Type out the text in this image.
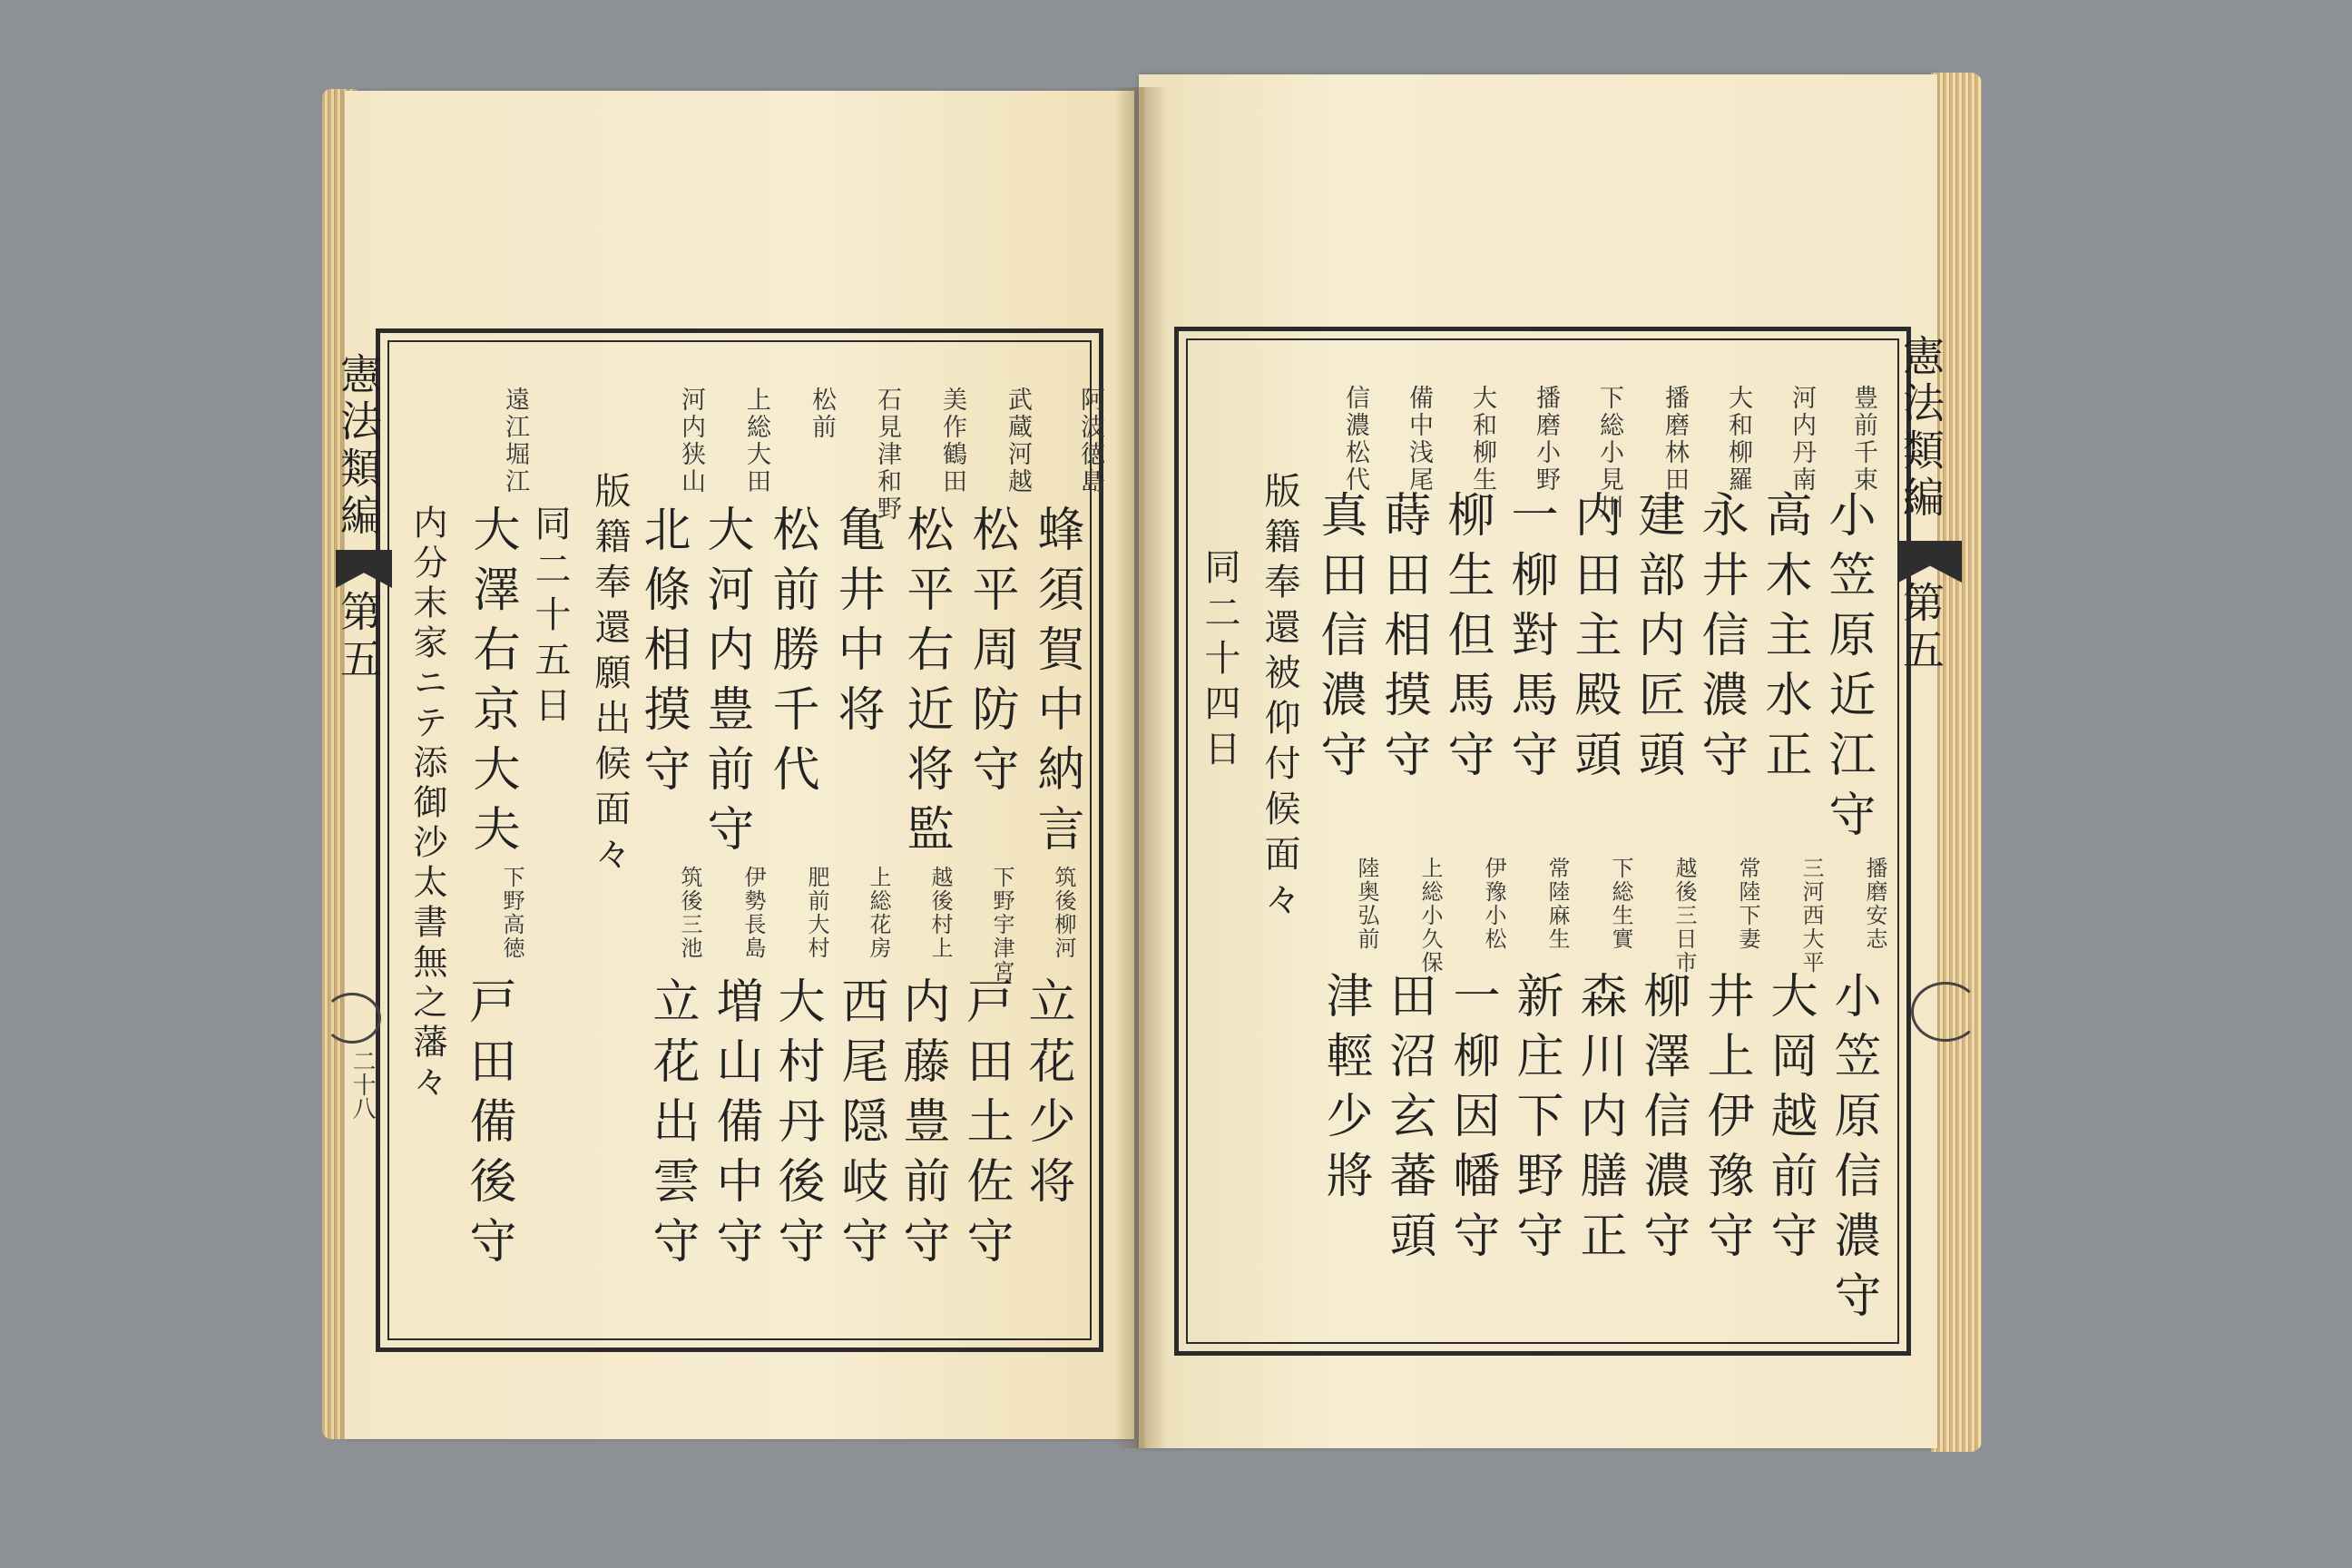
憲法類編
第五
二十八
阿波徳島
蜂須賀中納言
武蔵河越
松平周防守
美作鶴田
松平右近将監
石見津和野
亀井中将
松前
松前勝千代
上総大田
大河内豊前守
河内狭山
北條相摸守
版籍奉還願出候面々
同二十五日
遠江堀江
大澤右京大夫
内分末家ニテ添御沙太書無之藩々	筑後柳河
立花少将
下野宇津宮
戸田土佐守
越後村上
内藤豊前守
上総花房
西尾隠岐守
肥前大村
大村丹後守
伊勢長島
増山備中守
筑後三池
立花出雲守
下野高徳
戸田備後守
憲法類編
第五
豊前千束
小笠原近江守
河内丹南
高木主水正
大和柳羅
永井信濃守
播磨林田
建部内匠頭
下総小見川
内田主殿頭
播磨小野
一柳對馬守
大和柳生
柳生但馬守
備中浅尾
蒔田相摸守
信濃松代
真田信濃守
版籍奉還被仰付候面々
同二十四日
播磨安志
小笠原信濃守
三河西大平
大岡越前守
常陸下妻
井上伊豫守
越後三日市
柳澤信濃守
下総生實
森川内膳正
常陸麻生
新庄下野守
伊豫小松
一柳因幡守
上総小久保
田沼玄蕃頭
陸奥弘前
津輕少將
